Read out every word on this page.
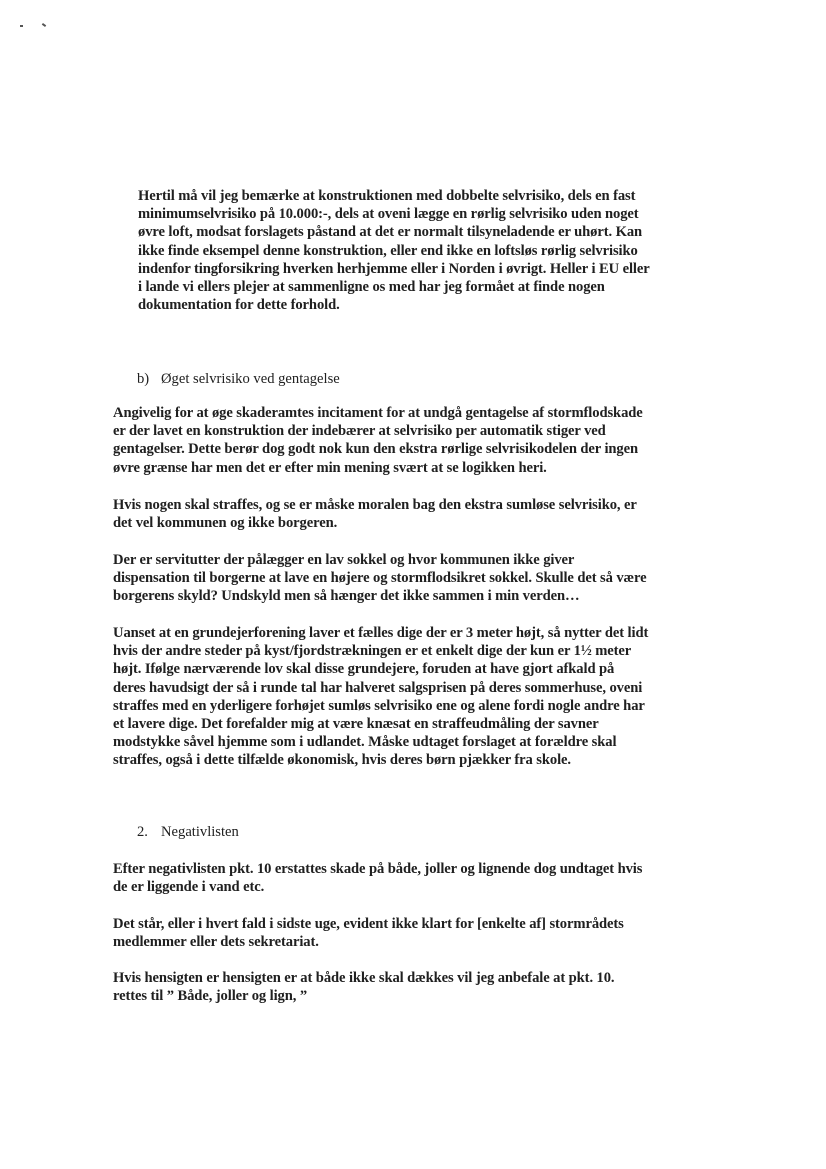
Hertil må vil jeg bemærke at konstruktionen med dobbelte selvrisiko, dels en fast
minimumselvrisiko på 10.000:-, dels at oveni lægge en rørlig selvrisiko uden noget
øvre loft, modsat forslagets påstand at det er normalt tilsyneladende er uhørt. Kan
ikke finde eksempel denne konstruktion, eller end ikke en loftsløs rørlig selvrisiko
indenfor tingforsikring hverken herhjemme eller i Norden i øvrigt. Heller i EU eller
i lande vi ellers plejer at sammenligne os med har jeg formået at finde nogen
dokumentation for dette forhold.
b) Øget selvrisiko ved gentagelse
Angivelig for at øge skaderamtes incitament for at undgå gentagelse af stormflodskade
er der lavet en konstruktion der indebærer at selvrisiko per automatik stiger ved
gentagelser. Dette berør dog godt nok kun den ekstra rørlige selvrisikodelen der ingen
øvre grænse har men det er efter min mening svært at se logikken heri.
Hvis nogen skal straffes, og se er måske moralen bag den ekstra sumløse selvrisiko, er
det vel kommunen og ikke borgeren.
Der er servitutter der pålægger en lav sokkel og hvor kommunen ikke giver
dispensation til borgerne at lave en højere og stormflodsikret sokkel. Skulle det så være
borgerens skyld? Undskyld men så hænger det ikke sammen i min verden…
Uanset at en grundejerforening laver et fælles dige der er 3 meter højt, så nytter det lidt
hvis der andre steder på kyst/fjordstrækningen er et enkelt dige der kun er 1½ meter
højt. Ifølge nærværende lov skal disse grundejere, foruden at have gjort afkald på
deres havudsigt der så i runde tal har halveret salgsprisen på deres sommerhuse, oveni
straffes med en yderligere forhøjet sumløs selvrisiko ene og alene fordi nogle andre har
et lavere dige. Det forefalder mig at være knæsat en straffeudmåling der savner
modstykke såvel hjemme som i udlandet. Måske udtaget forslaget at forældre skal
straffes, også i dette tilfælde økonomisk, hvis deres børn pjækker fra skole.
2. Negativlisten
Efter negativlisten pkt. 10 erstattes skade på både, joller og lignende dog undtaget hvis
de er liggende i vand etc.
Det står, eller i hvert fald i sidste uge, evident ikke klart for [enkelte af] stormrådets
medlemmer eller dets sekretariat.
Hvis hensigten er hensigten er at både ikke skal dækkes vil jeg anbefale at pkt. 10.
rettes til ” Både, joller og lign, ”
